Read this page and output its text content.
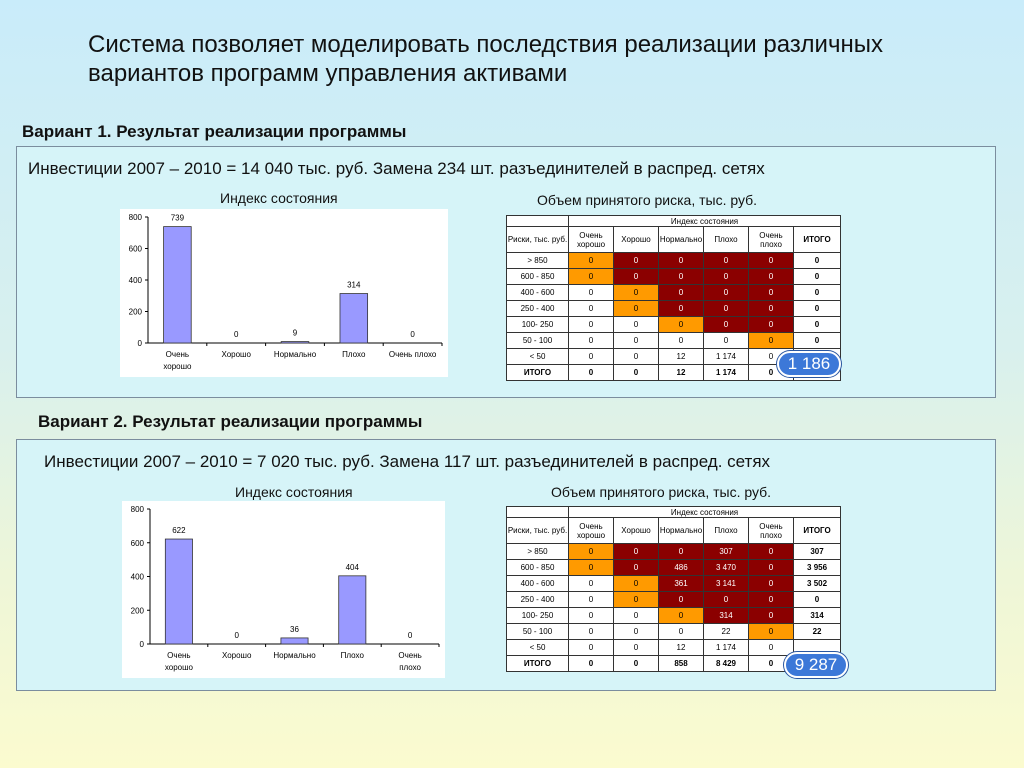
Система позволяет моделировать последствия реализации различных
вариантов программ управления активами
Вариант 1. Результат реализации программы
Инвестиции 2007 – 2010 = 14 040 тыс. руб. Замена 234 шт. разъединителей в распред. сетях
Индекс состояния	Объем принятого риска, тыс. руб.
0
200
400
600
800	739
Очень
хорошо
0
Хорошо
9
Нормально
314
Плохо
0
Очень плохо
	Индекс состояния					
Риски, тыс. руб.	Очень хорошо	Хорошо	Нормально	Плохо	Очень плохо	ИТОГО
> 850	0	0	0	0	0	0
600 - 850	0	0	0	0	0	0
400 - 600	0	0	0	0	0	0
250 - 400	0	0	0	0	0	0
100- 250	0	0	0	0	0	0
50 - 100	0	0	0	0	0	0
< 50	0	0	12	1 174	0	
ИТОГО	0	0	12	1 174	0	1 186
Вариант 2. Результат реализации программы
Инвестиции 2007 – 2010 = 7 020 тыс. руб. Замена 117 шт. разъединителей в распред. сетях
Индекс состояния	Объем принятого риска, тыс. руб.
0
200
400
600
800
622
Очень
хорошо
0
Хорошо
36
Нормально
404
Плохо
0
Очень
плохо
	Индекс состояния					
Риски, тыс. руб.	Очень хорошо	Хорошо	Нормально	Плохо	Очень плохо	ИТОГО
> 850	0	0	0	307	0	307
600 - 850	0	0	486	3 470	0	3 956
400 - 600	0	0	361	3 141	0	3 502
250 - 400	0	0	0	0	0	0
100- 250	0	0	0	314	0	314
50 - 100	0	0	0	22	0	22
< 50	0	0	12	1 174	0	
ИТОГО	0	0	858	8 429	0		9 287
